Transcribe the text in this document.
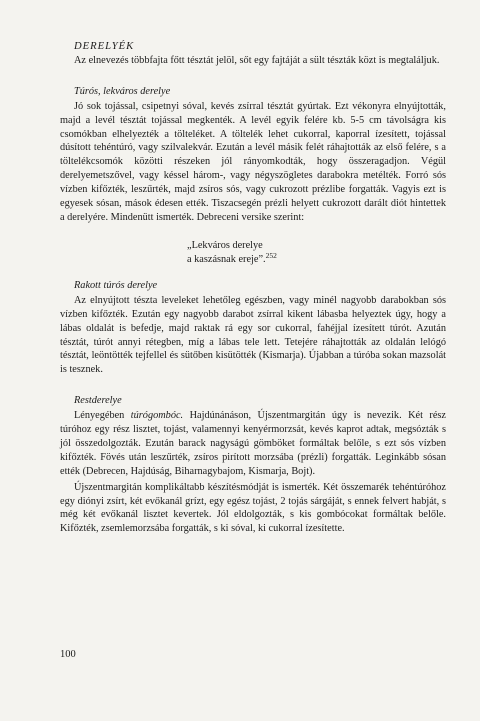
DERELYÉK

Az elnevezés többfajta főtt tésztát jelöl, sőt egy fajtáját a sült tészták közt is megtaláljuk.

Túrós, lekváros derelye

Jó sok tojással, csipetnyi sóval, kevés zsírral tésztát gyúrtak. Ezt vékonyra elnyújtották, majd a levél tésztát tojással megkenték. A levél egyik felére kb. 5-5 cm távolságra kis csomókban elhelyezték a tölteléket. A töltelék lehet cukorral, kaporral ízesített, tojással dúsított tehéntúró, vagy szilvalekvár. Ezután a levél másik felét ráhajtották az első felére, s a töltelékcsomók közötti részeken jól rányomkodták, hogy összeragadjon. Végül derelyemetszővel, vagy késsel három-, vagy négyszögletes darabokra metélték. Forró sós vízben kifőzték, leszűrték, majd zsíros sós, vagy cukrozott prézlibe forgatták. Vagyis ezt is egyesek sósan, mások édesen ették. Tiszacsegén prézli helyett cukrozott darált diót hintettek a derelyére. Mindenütt ismerték. Debreceni versike szerint:

„Lekváros derelye
a kaszásnak ereje”.$^{252}$
Rakott túrós derelye

Az elnyújtott tészta leveleket lehetőleg egészben, vagy minél nagyobb darabokban sós vízben kifőzték. Ezután egy nagyobb darabot zsírral kikent lábasba helyeztek úgy, hogy a lábas oldalát is befedje, majd raktak rá egy sor cukorral, fahéjjal ízesített túrót. Azután tésztát, túrót annyi rétegben, míg a lábas tele lett. Tetejére ráhajtották az oldalán lelógó tésztát, leöntötték tejfellel és sütőben kisütötték (Kismarja). Újabban a túróba sokan mazsolát is tesznek.

Restderelye

Lényegében túrógombóc. Hajdúnánáson, Újszentmargitán úgy is nevezik. Két rész túróhoz egy rész lisztet, tojást, valamennyi kenyérmorzsát, kevés kaprot adtak, megsózták s jól összedolgozták. Ezután barack nagyságú gömböket formáltak belőle, s ezt sós vízben kifőzték. Fövés után leszűrték, zsíros pirított morzsába (prézli) forgatták. Leginkább sósan ették (Debrecen, Hajdúság, Biharnagybajom, Kismarja, Bojt).

Újszentmargitán komplikáltabb készítésmódját is ismerték. Két összemarék tehéntúróhoz egy diónyi zsírt, két evőkanál grízt, egy egész tojást, 2 tojás sárgáját, s ennek felvert habját, s még két evőkanál lisztet kevertek. Jól eldolgozták, s kis gombócokat formáltak belőle. Kifőzték, zsemlemorzsába forgatták, s ki sóval, ki cukorral ízesítette.

100
